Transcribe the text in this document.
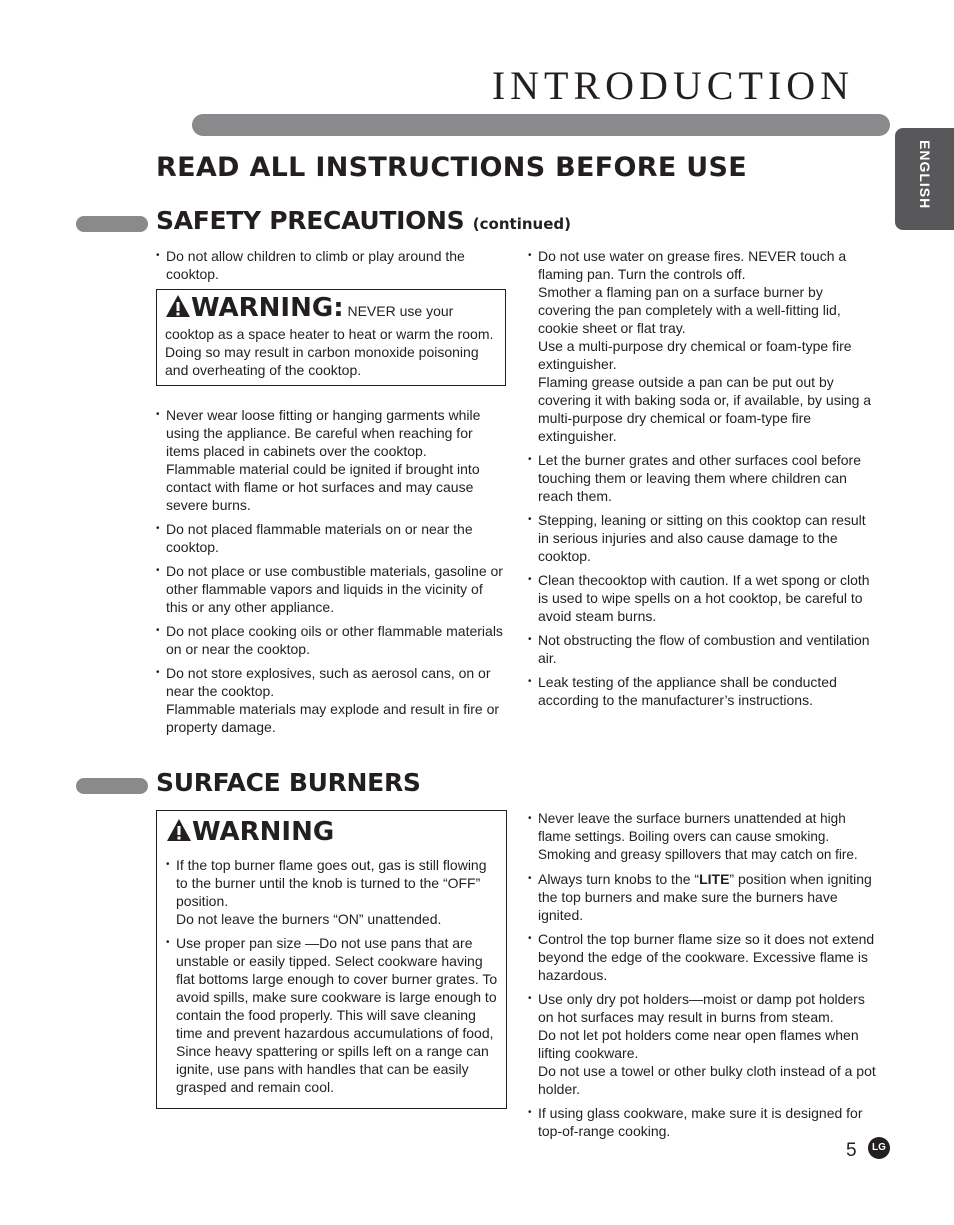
INTRODUCTION
ENGLISH
READ ALL INSTRUCTIONS BEFORE USE
SAFETY PRECAUTIONS (continued)

• Do not allow children to climb or play around the cooktop.

WARNING: NEVER use your
cooktop as a space heater to heat or warm the room. Doing so may result in carbon monoxide poisoning and overheating of the cooktop.

• Never wear loose fitting or hanging garments while using the appliance. Be careful when reaching for items placed in cabinets over the cooktop.

Flammable material could be ignited if brought into contact with flame or hot surfaces and may cause severe burns.

• Do not placed flammable materials on or near the cooktop.

• Do not place or use combustible materials, gasoline or other flammable vapors and liquids in the vicinity of this or any other appliance.

• Do not place cooking oils or other flammable materials on or near the cooktop.

• Do not store explosives, such as aerosol cans, on or near the cooktop.

Flammable materials may explode and result in fire or property damage.

• Do not use water on grease fires. NEVER touch a flaming pan. Turn the controls off.

Smother a flaming pan on a surface burner by covering the pan completely with a well-fitting lid, cookie sheet or flat tray.

Use a multi-purpose dry chemical or foam-type fire extinguisher.

Flaming grease outside a pan can be put out by covering it with baking soda or, if available, by using a multi-purpose dry chemical or foam-type fire extinguisher.

• Let the burner grates and other surfaces cool before touching them or leaving them where children can reach them.

• Stepping, leaning or sitting on this cooktop can result in serious injuries and also cause damage to the cooktop.

• Clean thecooktop with caution. If a wet spong or cloth is used to wipe spells on a hot cooktop, be careful to avoid steam burns.

• Not obstructing the flow of combustion and ventilation air.

• Leak testing of the appliance shall be conducted according to the manufacturer’s instructions.

SURFACE BURNERS
WARNING

• If the top burner flame goes out, gas is still flowing to the burner until the knob is turned to the “OFF” position.

Do not leave the burners “ON” unattended.

• Use proper pan size —Do not use pans that are unstable or easily tipped. Select cookware having flat bottoms large enough to cover burner grates. To avoid spills, make sure cookware is large enough to contain the food properly. This will save cleaning time and prevent hazardous accumulations of food, Since heavy spattering or spills left on a range can ignite, use pans with handles that can be easily grasped and remain cool.

• Never leave the surface burners unattended at high flame settings. Boiling overs can cause smoking. Smoking and greasy spillovers that may catch on fire.

• Always turn knobs to the “LITE” position when igniting the top burners and make sure the burners have ignited.

• Control the top burner flame size so it does not extend beyond the edge of the cookware. Excessive flame is hazardous.

• Use only dry pot holders—moist or damp pot holders on hot surfaces may result in burns from steam.

Do not let pot holders come near open flames when lifting cookware.

Do not use a towel or other bulky cloth instead of a pot holder.

• If using glass cookware, make sure it is designed for top-of-range cooking.

5	LG
